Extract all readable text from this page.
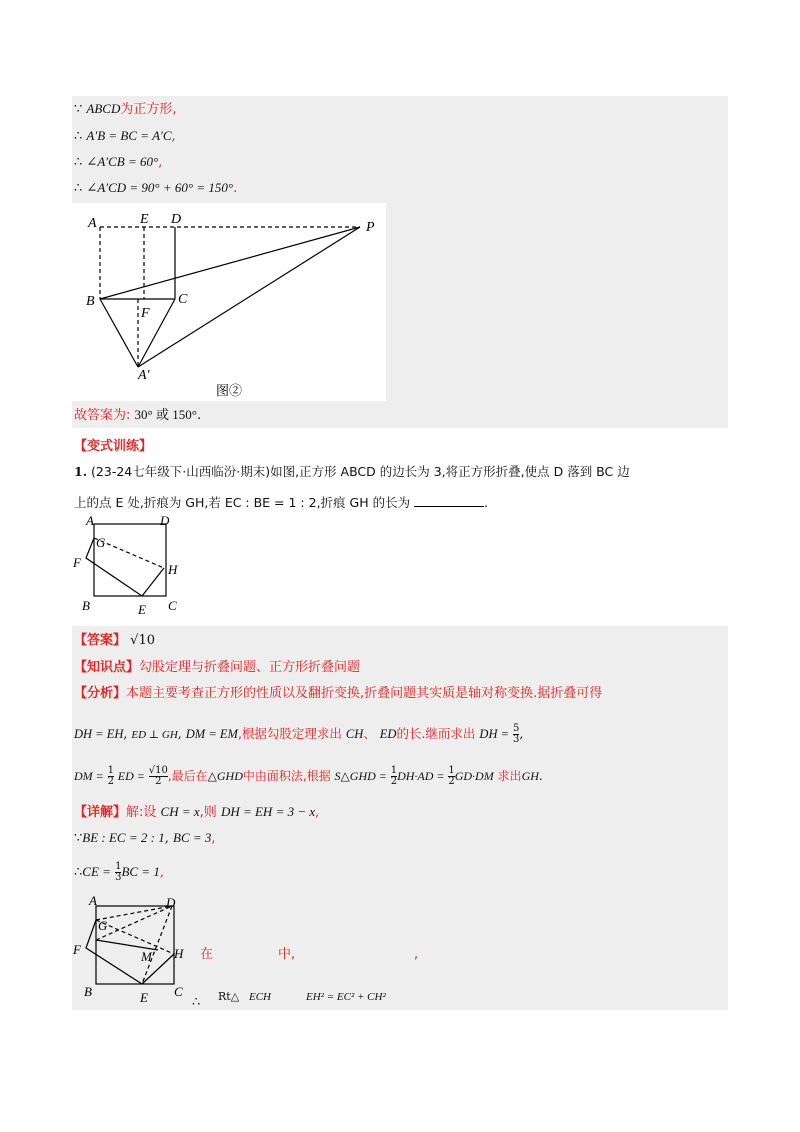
∵ ABCD为正方形,
∴ A′B = BC = A′C,
∴ ∠A′CB = 60°,
∴ ∠A′CD = 90° + 60° = 150°.
A	E D
P
B	C
F
A′
图②
故答案为: 30° 或 150°.
【变式训练】
1. (23-24七年级下·山西临汾·期末)如图,正方形 ABCD 的边长为 3,将正方形折叠,使点 D 落到 BC 边
上的点 E 处,折痕为 GH,若 EC : BE = 1 : 2,折痕 GH 的长为	.
A	D
G
F	H
B	E C
【答案】 √10
【知识点】勾股定理与折叠问题、正方形折叠问题
【分析】本题主要考查正方形的性质以及翻折变换,折叠问题其实质是轴对称变换.据折叠可得
DH = EH, ED ⊥ GH, DM = EM,根据勾股定理求出 CH、 ED的长.继而求出 DH = $\frac{5}{3}$ ,
DM = $\frac{1}{2}$ ED = $\frac{√10}{2}$ ,最后在△GHD中由面积法,根据 S△GHD = $\frac{1}{2} DH\cdot AD = \frac{1}{2} GD\cdot DM$ 求出GH.
【详解】解:设 CH = x,则 DH = EH = 3 − x,
∵BE : EC = 2 : 1, BC = 3,
∴CE = $\frac{1}{3}$ BC = 1,
A	D
G
F	M H
B	E C
在	中,	,
∴ Rt△ ECH	EH² = EC² + CH²
